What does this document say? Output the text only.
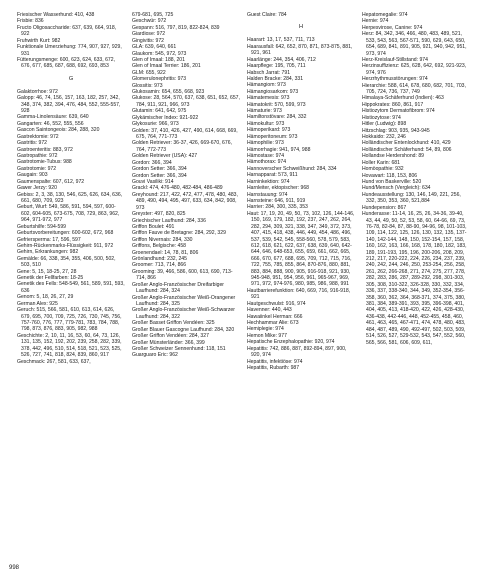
Friesischer Wasserhund: 410, 438
Frisbie: 836
Fructo Oligosaccharide: 637, 639, 664, 918, 922
Fruhwirth Kurt: 982
Funktionale Umerziehung: 774, 907, 927, 929, 931
Fütterungsmenge: 600, 623, 624, 633, 672, 676, 677, 685, 687, 688, 692, 693, 853
G
Galaktorrhoe: 972
Galopp: 46, 74, 156, 157, 163, 182, 257, 342, 348, 374, 382, 394, 476, 484, 552, 555-557, 928
Gamma-Linolensäure: 639, 640
Gangarten: 46, 552, 555, 556
Gascon Saintongeois: 284, 288, 320
Gastrektomie: 972
Gastritis: 972
Gastroenteritis: 883, 972
Gastropathie: 972
Gastrotomie-Tubus: 988
Gastrotomie: 972
Gaugain: 903
Gaumenspalte: 607, 612, 972
Gawer Jerzy: 920
Gebiss: 2, 3, 38, 130, 546, 625, 626, 634, 636, 661, 680, 709, 923
Geburt, Wurf: 549, 586, 591, 594, 597, 600-602, 604-605, 673-675, 708, 729, 863, 962, 964, 971-972, 977
Geburtshilfe: 594-599
Geburtsvorbereitungen: 600-602, 672, 968
Gefriersperma: 17, 596, 597
Gehirn-Rückenmarks-Flüssigkeit: 911, 972
Gehirn, Erkrankungen: 982
Gemälde: 66, 338, 354, 355, 406, 500, 502, 503, 510
Gene: 5, 15, 18-25, 27, 28
Genetik der Fellfarben: 18-25
Genetik des Fells: 548-549, 561, 589, 591, 593, 636
Genom: 5, 18, 26, 27, 29
German Alex: 925
Geruch: 515, 566, 581, 610, 613, 614, 626, 679, 695, 700, 709, 725, 726, 730, 745, 756, 757-760, 776, 777, 779-781, 783, 784, 788, 798, 873, 876, 883, 905, 982, 988
Geschichte: 2, 10, 11, 16, 53, 60, 64, 73, 126, 131, 135, 152, 192, 202, 239, 258, 282, 339, 378, 442, 496, 510, 514, 518, 521, 523, 525, 526, 727, 741, 818, 824, 839, 860, 917
Geschmack: 267, 581, 633, 637,
679-681, 695, 725
Geschwür: 972
Gespann: 516, 797, 819, 822-824, 839
Giardiose: 972
Gingivitis: 972
GLA: 639, 640, 661
Glaukom: 545, 972, 973
Glen of Imaal: 188, 201
Glen of Imaal Terrier: 186, 201
GLM: 655, 922
Glomerulonephritis: 973
Glossitis: 973
Glukosamin: 654, 655, 668, 923
Glukose: 28, 564, 570, 637, 638, 651, 652, 657, 784, 911, 921, 966, 973
Glutamin: 641, 642, 975
Glykämischer Index: 921-922
Glykosurie: 966, 973
Golden: 37, 410, 426, 427, 490, 614, 668, 669, 675, 764, 771-773
Golden Retriever: 36-37, 426, 669-670, 676, 764, 772-773
Golden Retriever (USA): 427
Gordon: 366, 394
Gordon Setter: 366, 394
Gordon Setter: 366, 394
Gouvi Vasiliki: 914
Grackl: 474, 476-480, 482-484, 486-489
Greyhound: 217, 422, 472, 477, 478, 480, 483, 489, 490, 494, 495, 497, 633, 634, 842, 908, 973
Greyster: 497, 820, 825
Griechischer Laufhund: 284, 336
Griffon Boulet: 491
Griffon Fauve de Bretagne: 284, 292, 329
Griffon Nivernais: 284, 330
Griffons, Belgische: 458
Groenendael: 14, 78, 81, 806
Grönlandhund: 232, 245
Groomer: 713, 714, 866
Grooming: 39, 466, 586, 600, 613, 690, 713-714, 866
Großer Anglo-Französischer Dreifarbiger Laufhund: 284, 324
Großer Anglo-Französischer Weiß-Orangener Laufhund: 284, 325
Großer Anglo-Französischer Weiß-Schwarzer Laufhund: 284, 322
Großer Basset Griffon Vendéen: 325
Großer Blauer Gascogne Laufhund: 284, 320
Großer Griffon Vendéen: 284, 327
Großer Münsterländer: 366, 399
Großer Schweizer Sennenhund: 118, 151
Guarguaro Eric: 962
Guest Claire: 784
H
Haarart: 13, 17, 537, 711, 713
Haarausfall: 642, 652, 870, 871, 873-875, 881, 921, 961
Haarlänge: 244, 354, 406, 712
Haarpflege: 195, 705, 711
Habsch Jarrat: 791
Halden Bracke: 284, 331
Hämangiom: 973
Hämangiosarkom: 973
Hämatemesis: 973
Hämatokrit: 570, 599, 973
Hämaturie: 973
Hamiltonstövare: 284, 332
Hämokultur: 973
Hämoperikard: 973
Hämoperitoneum: 973
Hämophilie: 973
Hämorrhagie: 941, 974, 988
Hämostase: 974
Hämothorax: 974
Hannoverscher Schweißhund: 284, 334
Harnapparat: 573, 911
Harninkektion: 974
Harnleiter, ektopischer: 968
Harnstauung: 974
Harnsteine: 646, 911, 919
Harrier: 284, 300, 335, 353
Haut: 17, 19, 20, 49, 50, 73, 102, 126, 144-146, 150, 169, 179, 182, 192, 237, 247, 262, 264, 282, 294, 309, 321, 338, 347, 349, 372, 373, 407, 415, 418, 438, 446, 449, 454, 486, 496, 537, 539, 542, 545, 558-560, 578, 579, 583, 612, 618, 621, 622, 637, 638, 639, 640, 642-644, 646, 648-653, 655, 659, 661, 662, 665, 666, 670, 677, 688, 695, 709, 712, 715, 716, 722, 755, 785, 855, 864, 870-876, 880, 881, 883, 884, 888, 900, 905, 916-918, 921, 930, 945-948, 951, 954, 956, 961, 965-967, 969, 971, 972, 974-976, 980, 985, 986, 988, 991
Hautbarrierefunktion: 640, 669, 716, 916-918, 921
Hautgeschwulst: 916, 974
Havenner: 440, 443
Hawaiinkel Herman: 666
Hechhammar Alie: 673
Hemiplegie: 974
Hemon Mike: 977
Hepatische Enzephalopathie: 920, 974
Hepatitis: 742, 886, 887, 892-894, 897, 900, 920, 974
Hepatitis, infektiöse: 974
Hepatitis, Rubarth: 987
Hepatomegalie: 974
Hernie: 974
Herpesvirose, Canine: 974
Herz: 84, 342, 346, 466, 480, 483, 489, 521, 533, 543, 563, 567-571, 590, 629, 643, 650, 654, 689, 841, 891, 905, 921, 940, 942, 951, 973, 974
Herz-Kreislauf-Stillstand: 974
Herzinsuffizienz: 625, 628, 642, 692, 921-923, 974, 976
Herzrhythmusstörungen: 974
Hierarchie: 588, 614, 678, 680, 682, 701, 703, 705, 724, 736, 737, 749
Himalaya-Schäferhund (Indien): 463
Hippokrates: 860, 861, 917
Histiozytom Dermatofibrom: 974
Histiozytose: 974
Hitler (Ludwig): 898
Hitzschlag: 903, 935, 943-945
Hokkaido: 232, 246
Holländischer Entenlockhund: 410, 429
Holländischer Schäferhund: 54, 89, 806
Hollandse Herdershond: 89
Holler Karin: 681
Homöopathie: 932
Hovawart: 118, 153, 806
Hund von Baskerville: 520
Hund/Mensch (Vergleich): 634
Hundeausstellung: 130, 146, 149, 221, 256, 332, 350, 353, 360, 521,884
Hundepension: 867
Hunderasse: 11-14, 16, 25, 26, 34-36, 39-40, 43, 44, 49, 50, 52, 53, 58, 60, 64-66, 69, 73, 76-78, 82-84, 87, 88-90, 94-96, 98, 101-103, 109, 114, 122, 125, 126, 130, 132, 135, 137-140, 142-144, 148, 150, 152-154, 157, 158, 160, 162, 163, 166, 168, 178, 180, 182, 183, 189, 191-193, 195, 196, 200-206, 208, 209, 212, 217, 220-222, 224, 226, 234, 237, 239, 240, 242, 244, 246, 250, 253-254, 256, 258, 261, 262, 266-268, 271, 274, 275, 277, 278, 282, 283, 286, 287, 289-292, 298, 301-303, 305, 308, 310-322, 326-328, 330, 332, 334, 336, 337, 338-340, 344, 349, 352-354, 356-358, 360, 362, 364, 368-371, 374, 375, 380, 381, 384, 389-391, 393, 395, 396-398, 401, 404, 405, 413, 418-420, 422, 426, 428-430, 436-438, 442-446, 448, 452-455, 458, 460, 461, 463, 465, 467-471, 474, 478, 480, 483, 484, 487, 489, 490, 492-497, 502, 503, 509, 514, 526, 527, 529-532, 543, 547, 552, 560, 565, 566, 581, 606, 609, 611,
998
